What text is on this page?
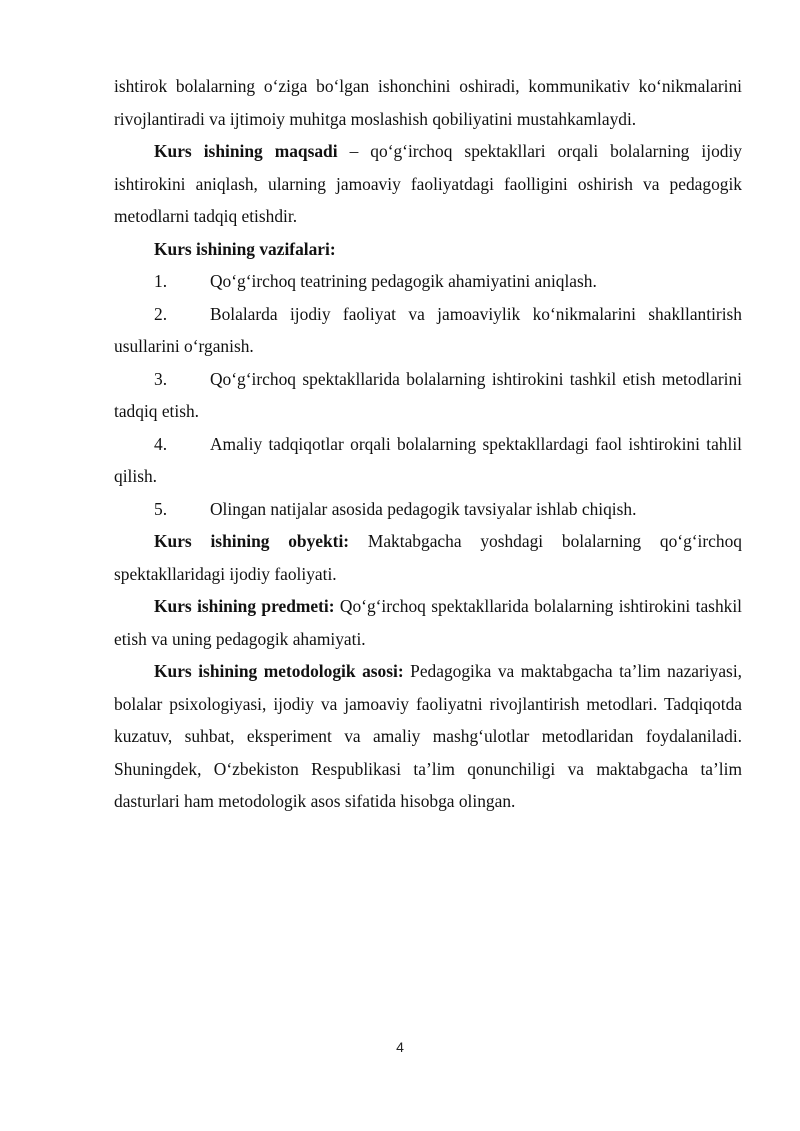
ishtirok bolalarning o‘ziga bo‘lgan ishonchini oshiradi, kommunikativ ko‘nikmalarini rivojlantiradi va ijtimoiy muhitga moslashish qobiliyatini mustahkamlaydi.

Kurs ishining maqsadi – qo‘g‘irchoq spektakllari orqali bolalarning ijodiy ishtirokini aniqlash, ularning jamoaviy faoliyatdagi faolligini oshirish va pedagogik metodlarni tadqiq etishdir.

Kurs ishining vazifalari:

1. Qo‘g‘irchoq teatrining pedagogik ahamiyatini aniqlash.

2. Bolalarda ijodiy faoliyat va jamoaviylik ko‘nikmalarini shakllantirish usullarini o‘rganish.

3. Qo‘g‘irchoq spektakllarida bolalarning ishtirokini tashkil etish metodlarini tadqiq etish.

4. Amaliy tadqiqotlar orqali bolalarning spektakllardagi faol ishtirokini tahlil qilish.

5. Olingan natijalar asosida pedagogik tavsiyalar ishlab chiqish.

Kurs ishining obyekti: Maktabgacha yoshdagi bolalarning qo‘g‘irchoq spektakllaridagi ijodiy faoliyati.

Kurs ishining predmeti: Qo‘g‘irchoq spektakllarida bolalarning ishtirokini tashkil etish va uning pedagogik ahamiyati.

Kurs ishining metodologik asosi: Pedagogika va maktabgacha ta’lim nazariyasi, bolalar psixologiyasi, ijodiy va jamoaviy faoliyatni rivojlantirish metodlari. Tadqiqotda kuzatuv, suhbat, eksperiment va amaliy mashg‘ulotlar metodlaridan foydalaniladi. Shuningdek, O‘zbekiston Respublikasi ta’lim qonunchiligi va maktabgacha ta’lim dasturlari ham metodologik asos sifatida hisobga olingan.

4
